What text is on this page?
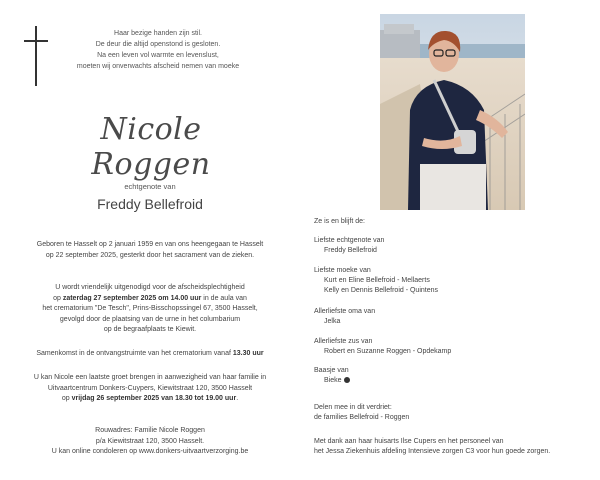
Haar bezige handen zijn stil.
De deur die altijd openstond is gesloten.
Na een leven vol warmte en levenslust,
moeten wij onverwachts afscheid nemen van moeke
Nicole Roggen
echtgenote van
Freddy Bellefroid
Geboren te Hasselt op 2 januari 1959 en van ons heengegaan te Hasselt
op 22 september 2025, gesterkt door het sacrament van de zieken.
U wordt vriendelijk uitgenodigd voor de afscheidsplechtigheid
op zaterdag 27 september 2025 om 14.00 uur in de aula van
het crematorium "De Tesch", Prins-Bisschopssingel 67, 3500 Hasselt,
gevolgd door de plaatsing van de urne in het columbarium
op de begraafplaats te Kiewit.
Samenkomst in de ontvangstruimte van het crematorium vanaf 13.30 uur
U kan Nicole een laatste groet brengen in aanwezigheid van haar familie in
Uitvaartcentrum Donkers-Cuypers, Kiewitstraat 120, 3500 Hasselt
op vrijdag 26 september 2025 van 18.30 tot 19.00 uur.
Rouwadres: Familie Nicole Roggen
p/a Kiewitstraat 120, 3500 Hasselt.
U kan online condoleren op www.donkers-uitvaartverzorging.be
Ze is en blijft de:
Liefste echtgenote van
Freddy Bellefroid
Liefste moeke van
Kurt en Eline Bellefroid - Mellaerts
Kelly en Dennis Bellefroid - Quintens
Allerliefste oma van
Jelka
Allerliefste zus van
Robert en Suzanne Roggen - Opdekamp
Baasje van
Bieke
Delen mee in dit verdriet:
de families Bellefroid - Roggen
Met dank aan haar huisarts Ilse Cupers en het personeel van
het Jessa Ziekenhuis afdeling Intensieve zorgen C3 voor hun goede zorgen.
